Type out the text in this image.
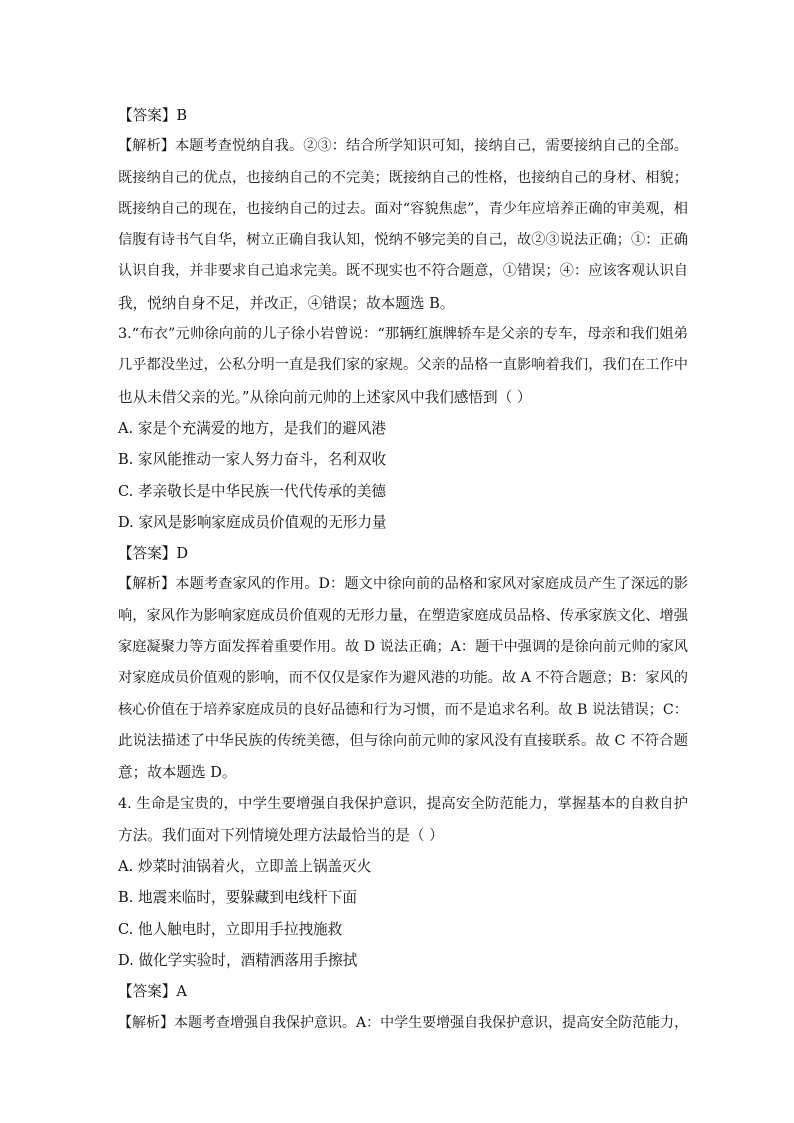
【答案】B
【解析】本题考查悦纳自我。②③：结合所学知识可知，接纳自己，需要接纳自己的全部。
既接纳自己的优点，也接纳自己的不完美；既接纳自己的性格，也接纳自己的身材、相貌；
既接纳自己的现在，也接纳自己的过去。面对“容貌焦虑”，青少年应培养正确的审美观，相
信腹有诗书气自华，树立正确自我认知，悦纳不够完美的自己，故②③说法正确；①：正确
认识自我，并非要求自己追求完美。既不现实也不符合题意，①错误；④：应该客观认识自
我，悦纳自身不足，并改正，④错误；故本题选 B。
3.“布衣”元帅徐向前的儿子徐小岩曾说：“那辆红旗牌轿车是父亲的专车，母亲和我们姐弟
几乎都没坐过，公私分明一直是我们家的家规。父亲的品格一直影响着我们，我们在工作中
也从未借父亲的光。”从徐向前元帅的上述家风中我们感悟到（ ）
A. 家是个充满爱的地方，是我们的避风港
B. 家风能推动一家人努力奋斗，名利双收
C. 孝亲敬长是中华民族一代代传承的美德
D. 家风是影响家庭成员价值观的无形力量
【答案】D
【解析】本题考查家风的作用。D：题文中徐向前的品格和家风对家庭成员产生了深远的影
响，家风作为影响家庭成员价值观的无形力量，在塑造家庭成员品格、传承家族文化、增强
家庭凝聚力等方面发挥着重要作用。故 D 说法正确；A：题干中强调的是徐向前元帅的家风
对家庭成员价值观的影响，而不仅仅是家作为避风港的功能。故 A 不符合题意；B：家风的
核心价值在于培养家庭成员的良好品德和行为习惯，而不是追求名利。故 B 说法错误；C：
此说法描述了中华民族的传统美德，但与徐向前元帅的家风没有直接联系。故 C 不符合题
意；故本题选 D。
4. 生命是宝贵的，中学生要增强自我保护意识，提高安全防范能力，掌握基本的自救自护
方法。我们面对下列情境处理方法最恰当的是（ ）
A. 炒菜时油锅着火，立即盖上锅盖灭火
B. 地震来临时，要躲藏到电线杆下面
C. 他人触电时，立即用手拉拽施救
D. 做化学实验时，酒精洒落用手擦拭
【答案】A
【解析】本题考查增强自我保护意识。A：中学生要增强自我保护意识，提高安全防范能力，
